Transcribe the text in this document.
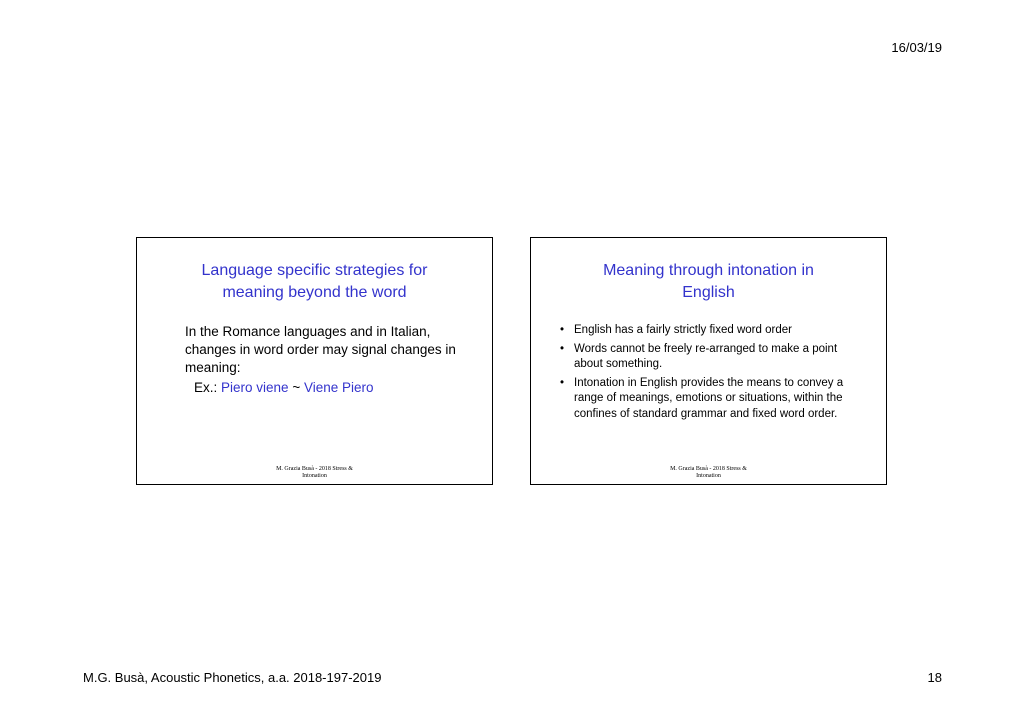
16/03/19
Language specific strategies for
meaning beyond the word
In the Romance languages and in Italian, changes in word order may signal changes in meaning:
Ex.: Piero viene ~ Viene Piero
M. Grazia Busà - 2018 Stress &
Intonation
Meaning through intonation in
English
• English has a fairly strictly fixed word order
• Words cannot be freely re-arranged to make a point about something.
• Intonation in English provides the means to convey a range of meanings, emotions or situations, within the confines of standard grammar and fixed word order.
M. Grazia Busà - 2018 Stress &
Intonation
M.G. Busà, Acoustic Phonetics, a.a. 2018-197-2019	18
